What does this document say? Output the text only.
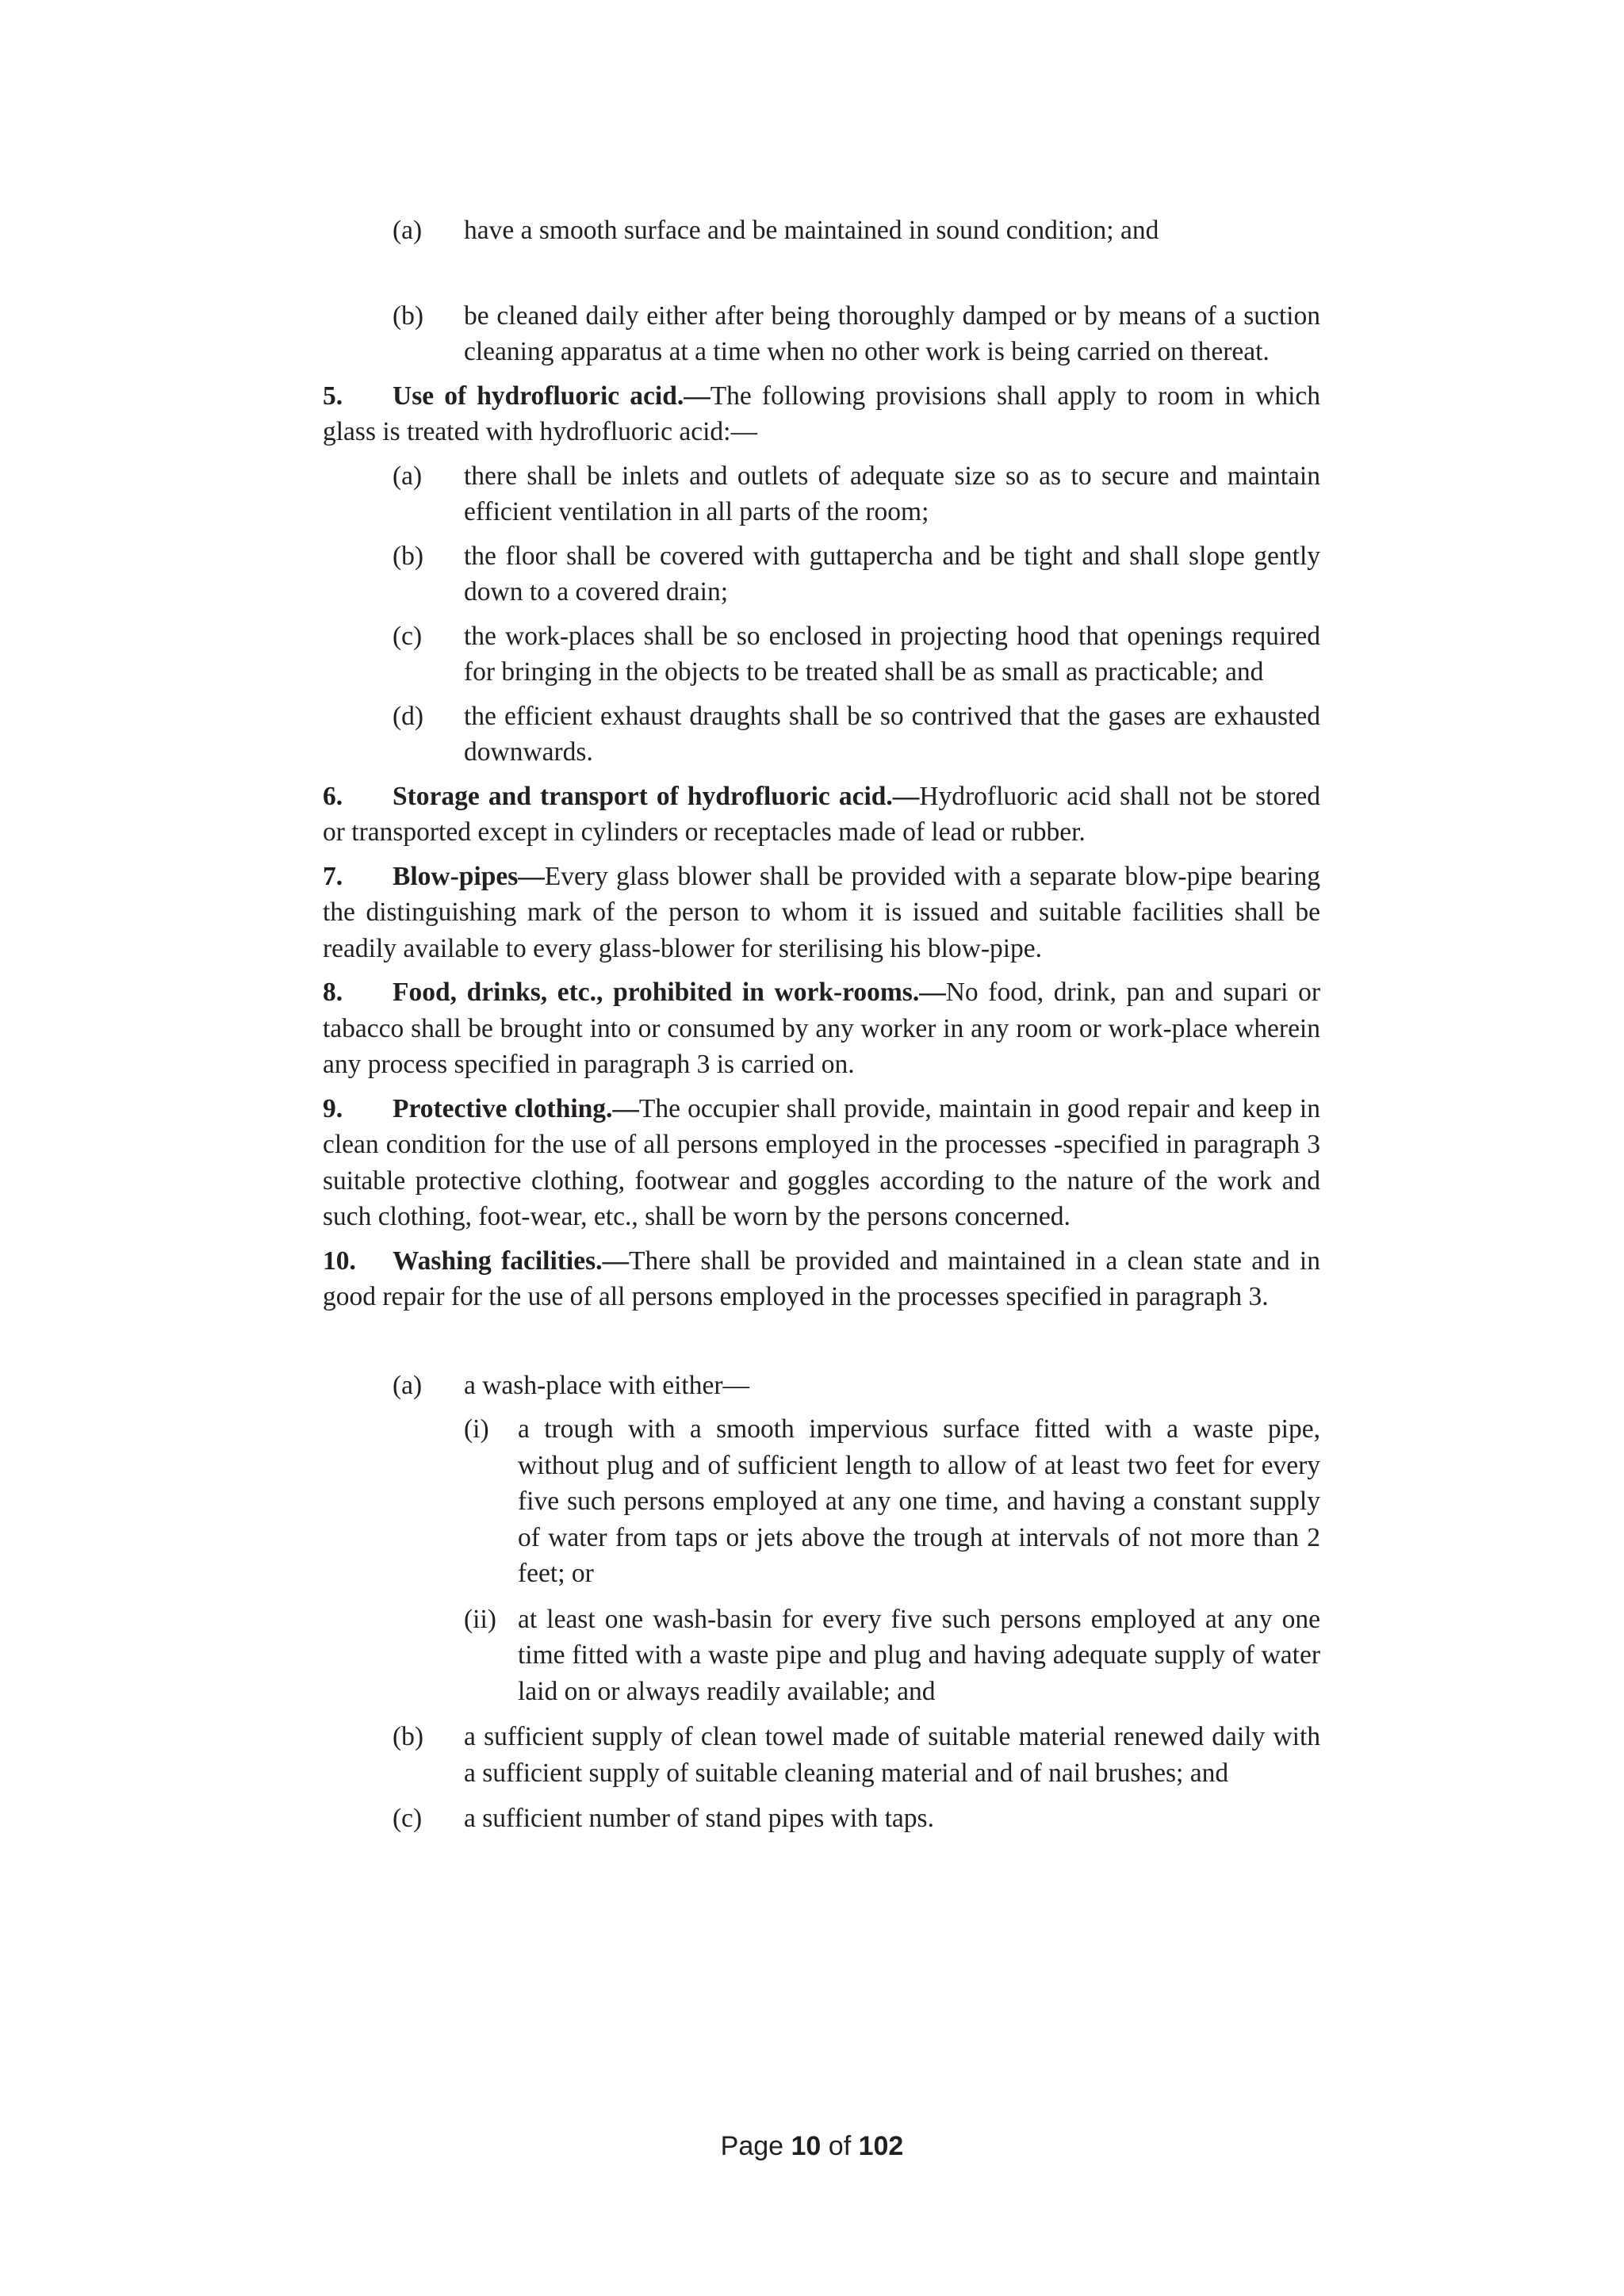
(a)	have a smooth surface and be maintained in sound condition; and
(b)	be cleaned daily either after being thoroughly damped or by means of a suction cleaning apparatus at a time when no other work is being carried on thereat.

5. Use of hydrofluoric acid.—The following provisions shall apply to room in which glass is treated with hydrofluoric acid:—

(a)	there shall be inlets and outlets of adequate size so as to secure and maintain efficient ventilation in all parts of the room;
(b)	the floor shall be covered with guttapercha and be tight and shall slope gently down to a covered drain;
(c)	the work-places shall be so enclosed in projecting hood that openings required for bringing in the objects to be treated shall be as small as practicable; and
(d)	the efficient exhaust draughts shall be so contrived that the gases are exhausted downwards.

6. Storage and transport of hydrofluoric acid.—Hydrofluoric acid shall not be stored or transported except in cylinders or receptacles made of lead or rubber.

7. Blow-pipes—Every glass blower shall be provided with a separate blow-pipe bearing the distinguishing mark of the person to whom it is issued and suitable facilities shall be readily available to every glass-blower for sterilising his blow-pipe.

8. Food, drinks, etc., prohibited in work-rooms.—No food, drink, pan and supari or tabacco shall be brought into or consumed by any worker in any room or work-place wherein any process specified in paragraph 3 is carried on.

9. Protective clothing.—The occupier shall provide, maintain in good repair and keep in clean condition for the use of all persons employed in the processes -specified in paragraph 3 suitable protective clothing, footwear and goggles according to the nature of the work and such clothing, foot-wear, etc., shall be worn by the persons concerned.

10. Washing facilities.—There shall be provided and maintained in a clean state and in good repair for the use of all persons employed in the processes specified in paragraph 3.

(a)	a wash-place with either—
(i)	a trough with a smooth impervious surface fitted with a waste pipe, without plug and of sufficient length to allow of at least two feet for every five such persons employed at any one time, and having a constant supply of water from taps or jets above the trough at intervals of not more than 2 feet; or
(ii) at least one wash-basin for every five such persons employed at any one time fitted with a waste pipe and plug and having adequate supply of water laid on or always readily available; and
(b)	a sufficient supply of clean towel made of suitable material renewed daily with a sufficient supply of suitable cleaning material and of nail brushes; and
(c)	a sufficient number of stand pipes with taps.
Page 10 of 102
